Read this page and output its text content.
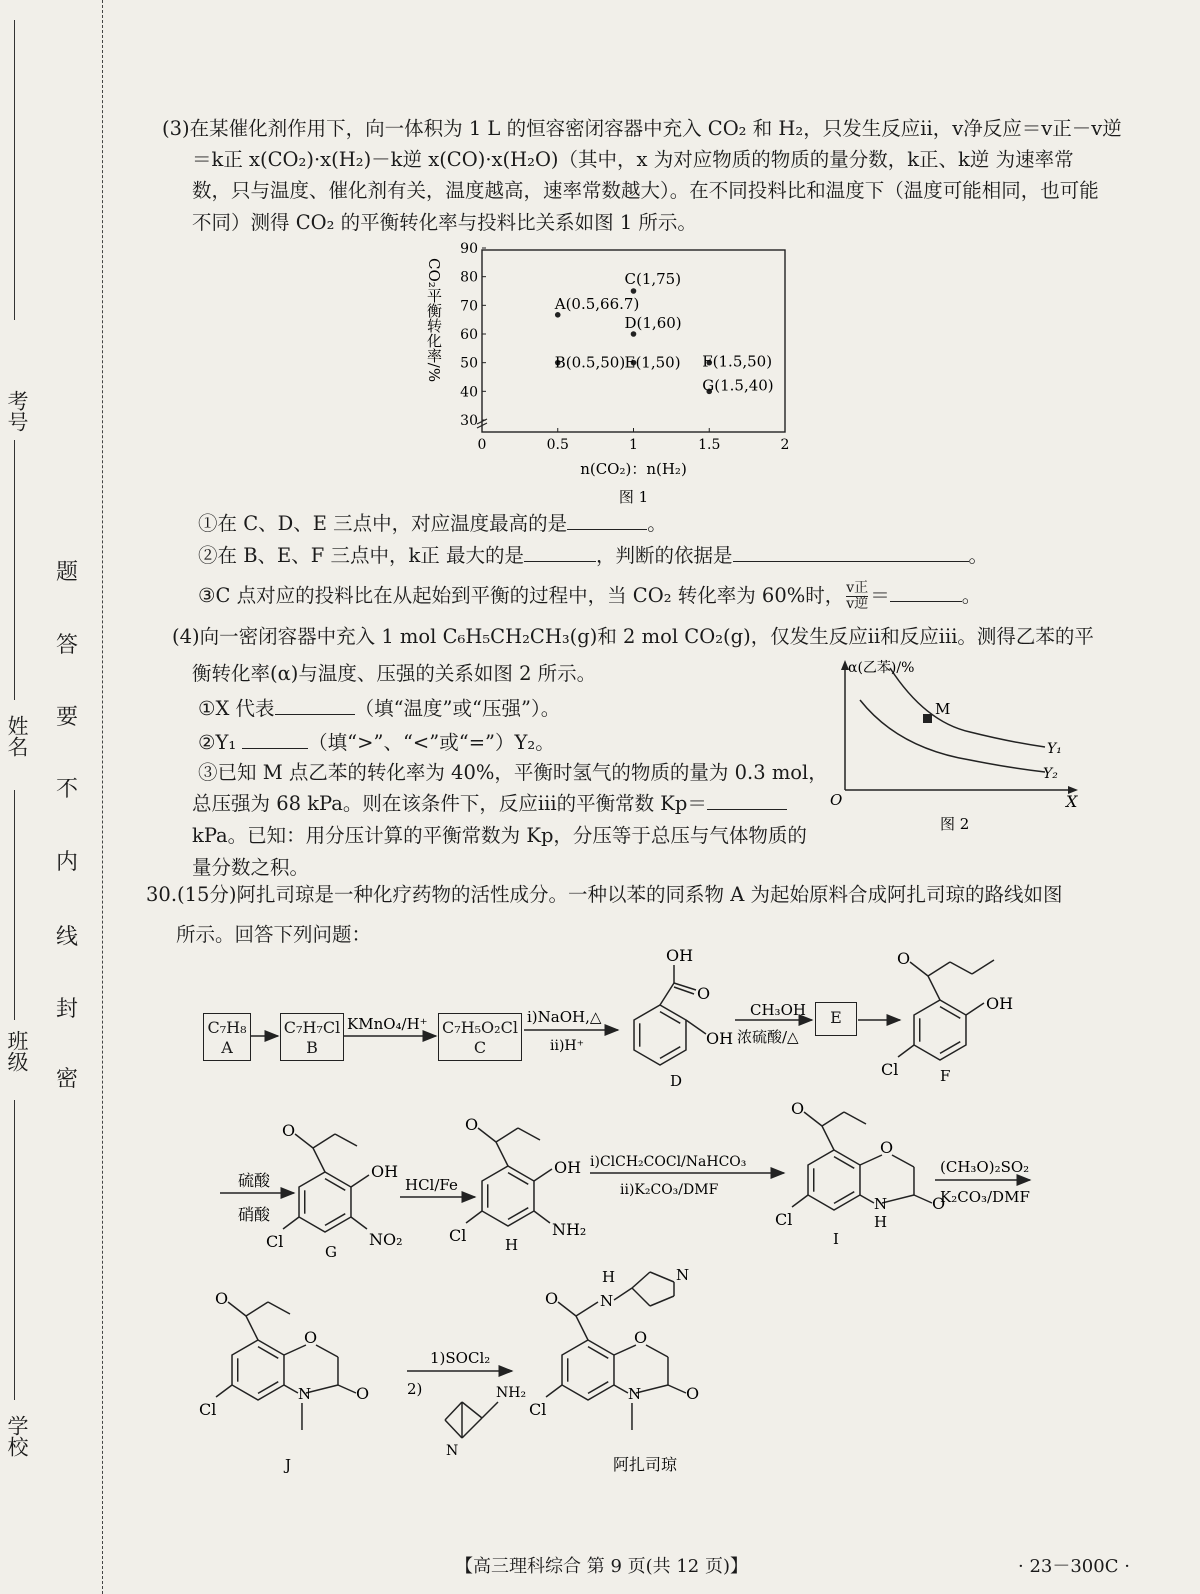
学校
班级
姓名
考号
密
封
线
内
不
要
答
题
(3)在某催化剂作用下，向一体积为 1 L 的恒容密闭容器中充入 CO₂ 和 H₂，只发生反应ⅱ，v净反应＝v正－v逆
＝k正 x(CO₂)·x(H₂)－k逆 x(CO)·x(H₂O)（其中，x 为对应物质的物质的量分数，k正、k逆 为速率常
数，只与温度、催化剂有关，温度越高，速率常数越大）。在不同投料比和温度下（温度可能相同，也可能
不同）测得 CO₂ 的平衡转化率与投料比关系如图 1 所示。
30
40
50
60
70
80
90
0	0.5	1	1.5	2
A(0.5,66.7)
B(0.5,50)
C(1,75)
D(1,60)
E(1,50) F(1.5,50)
G(1.5,40)
CO₂平衡转化率/%
n(CO₂)：n(H₂)
图 1
①在 C、D、E 三点中，对应温度最高的是	。
②在 B、E、F 三点中，k正 最大的是	，判断的依据是	。
③C 点对应的投料比在从起始到平衡的过程中，当 CO₂ 转化率为 60%时， v正
v逆 ＝	。
(4)向一密闭容器中充入 1 mol C₆H₅CH₂CH₃(g)和 2 mol CO₂(g)，仅发生反应ⅱ和反应ⅲ。测得乙苯的平
衡转化率(α)与温度、压强的关系如图 2 所示。
①X 代表	（填“温度”或“压强”）。
②Y₁	（填“>”、“<”或“=”）Y₂。
③已知 M 点乙苯的转化率为 40%，平衡时氢气的物质的量为 0.3 mol，
总压强为 68 kPa。则在该条件下，反应ⅲ的平衡常数 Kp＝
kPa。已知：用分压计算的平衡常数为 Kp，分压等于总压与气体物质的
量分数之积。
M
α(乙苯)/%
Y₁
Y₂
O	X
图 2
30.(15分)阿扎司琼是一种化疗药物的活性成分。一种以苯的同系物 A 为起始原料合成阿扎司琼的路线如图
所示。回答下列问题：
C₇H₈
A
C₇H₇Cl
B
C₇H₅O₂Cl
C
E
OH
O
OH
O
OH
Cl
O
OH
NO₂
Cl
O
OH
NH₂
Cl
O
O
O
N
H
Cl
O
O
O
N
Cl
NH₂
N
O	N
H	N
O
O
N
Cl
KMnO₄/H⁺	ⅰ)NaOH,△
ⅱ)H⁺
CH₃OH
浓硫酸/△
硫酸
硝酸
HCl/Fe
ⅰ)ClCH₂COCl/NaHCO₃
ⅱ)K₂CO₃/DMF
(CH₃O)₂SO₂
K₂CO₃/DMF
1)SOCl₂
2)
D	F
G	H	I
J	阿扎司琼
【高三理科综合 第 9 页(共 12 页)】	· 23－300C ·
